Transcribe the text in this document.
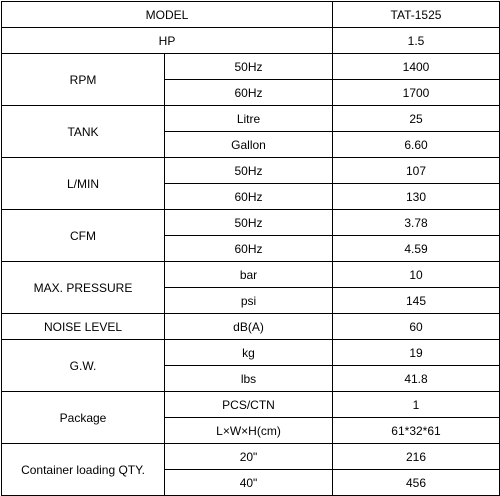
MODEL		TAT-1525
HP		1.5
RPM	50Hz	1400
	60Hz	1700
TANK	Litre	25
	Gallon	6.60
L/MIN	50Hz	107
	60Hz	130
CFM	50Hz	3.78
	60Hz	4.59
MAX. PRESSURE	bar	10
	psi	145
NOISE LEVEL	dB(A)	60
G.W.	kg	19
	lbs	41.8
Package	PCS/CTN	1
	L×W×H(cm)	61*32*61
Container loading QTY.	20"	216
	40"	456
